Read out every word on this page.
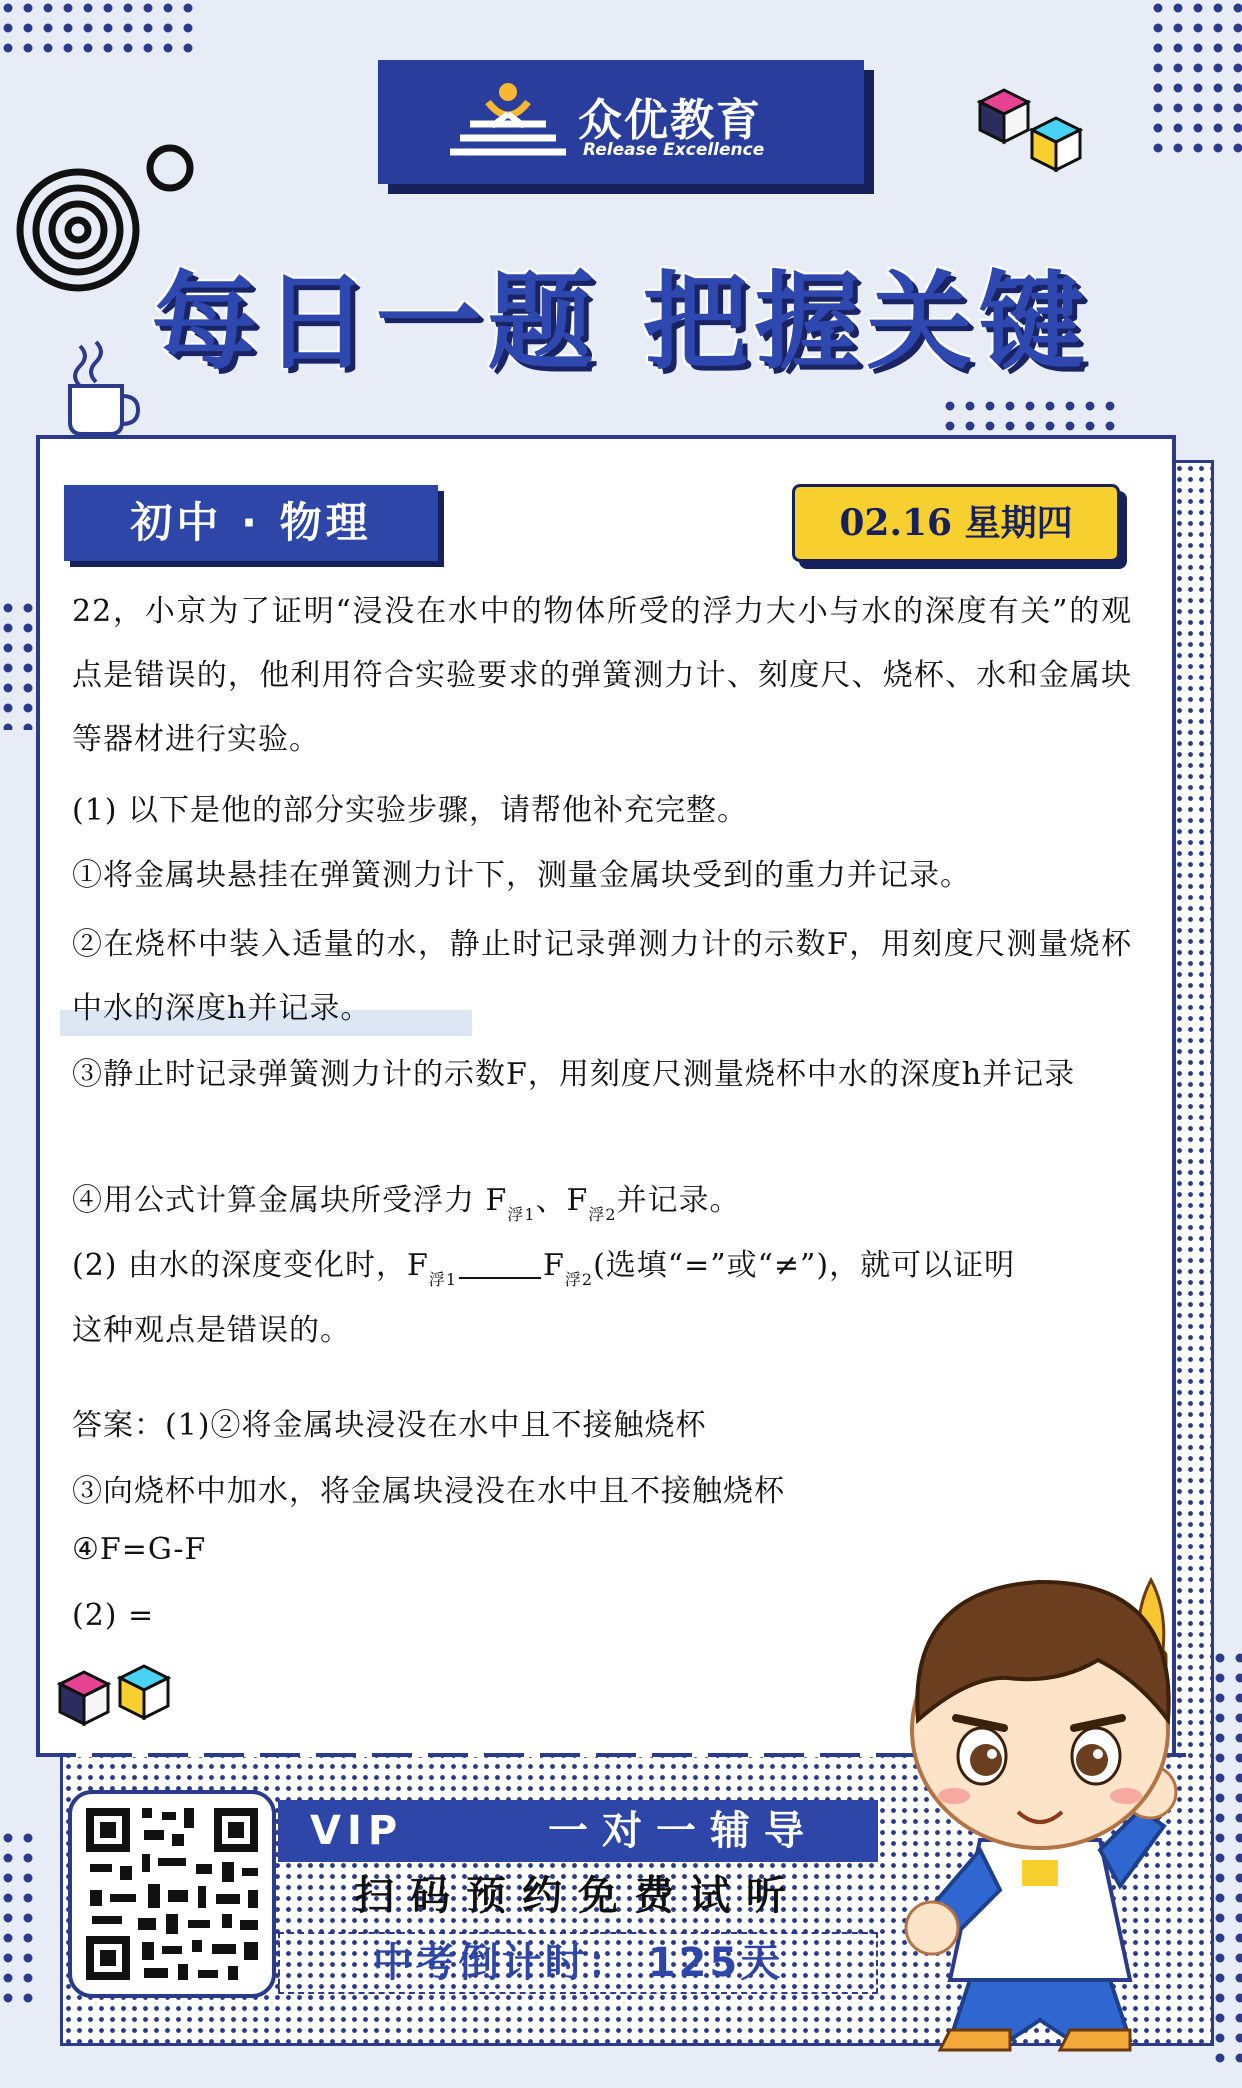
众优教育
Release Excellence
每日一题 把握关键
初中 · 物理	02.16 星期四

22，小京为了证明“浸没在水中的物体所受的浮力大小与水的深度有关”的观点是错误的，他利用符合实验要求的弹簧测力计、刻度尺、烧杯、水和金属块等器材进行实验。

(1) 以下是他的部分实验步骤，请帮他补充完整。
①将金属块悬挂在弹簧测力计下，测量金属块受到的重力并记录。

②在烧杯中装入适量的水，静止时记录弹测力计的示数F，用刻度尺测量烧杯中水的深度h并记录。

③静止时记录弹簧测力计的示数F，用刻度尺测量烧杯中水的深度h并记录

④用公式计算金属块所受浮力 $F_{浮1}$、$F_{浮2}$并记录。
(2) 由水的深度变化时，$F_{浮1}$	$F_{浮2}$(选填“=”或“≠”)，就可以证明
这种观点是错误的。
答案：(1)②将金属块浸没在水中且不接触烧杯
③向烧杯中加水，将金属块浸没在水中且不接触烧杯
④F=G-F
(2) =
VIP	一对一辅导
扫码预约免费试听
中考倒计时： 125天
